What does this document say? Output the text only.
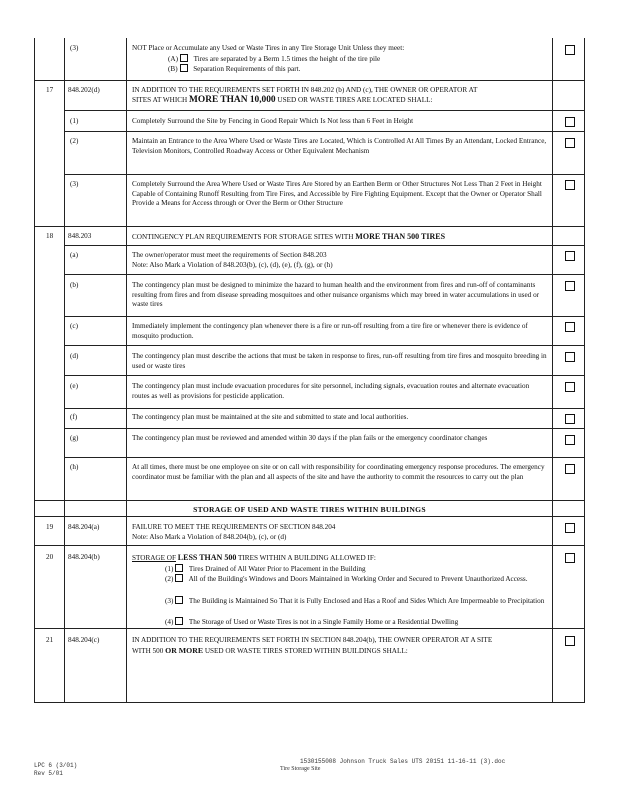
(3)	NOT Place or Accumulate any Used or Waste Tires in any Tire Storage Unit Unless they meet:
(A) Tires are separated by a Berm 1.5 times the height of the tire pile
(B) Separation Requirements of this part.
17 848.202(d)	IN ADDITION TO THE REQUIREMENTS SET FORTH IN 848.202 (b) AND (c), THE OWNER OR OPERATOR AT
SITES AT WHICH MORE THAN 10,000 USED OR WASTE TIRES ARE LOCATED SHALL:
(1)	Completely Surround the Site by Fencing in Good Repair Which Is Not less than 6 Feet in Height
(2)	Maintain an Entrance to the Area Where Used or Waste Tires are Located, Which is Controlled At All Times By an Attendant, Locked Entrance, Television Monitors, Controlled Roadway Access or Other Equivalent Mechanism
(3)	Completely Surround the Area Where Used or Waste Tires Are Stored by an Earthen Berm or Other Structures Not Less Than 2 Feet in Height Capable of Containing Runoff Resulting from Tire Fires, and Accessible by Fire Fighting Equipment. Except that the Owner or Operator Shall Provide a Means for Access through or Over the Berm or Other Structure
18 848.203	CONTINGENCY PLAN REQUIREMENTS FOR STORAGE SITES WITH MORE THAN 500 TIRES
(a)	The owner/operator must meet the requirements of Section 848.203
Note: Also Mark a Violation of 848.203(b), (c), (d), (e), (f), (g), or (h)
(b)	The contingency plan must be designed to minimize the hazard to human health and the environment from fires and run-off of contaminants resulting from fires and from disease spreading mosquitoes and other nuisance organisms which may breed in water accumulations in used or waste tires
(c)	Immediately implement the contingency plan whenever there is a fire or run-off resulting from a tire fire or whenever there is evidence of mosquito production.
(d)	The contingency plan must describe the actions that must be taken in response to fires, run-off resulting from tire fires and mosquito breeding in used or waste tires
(e)	The contingency plan must include evacuation procedures for site personnel, including signals, evacuation routes and alternate evacuation routes as well as provisions for pesticide application.
(f)	The contingency plan must be maintained at the site and submitted to state and local authorities.
(g)	The contingency plan must be reviewed and amended within 30 days if the plan fails or the emergency coordinator changes
(h)	At all times, there must be one employee on site or on call with responsibility for coordinating emergency response procedures. The emergency coordinator must be familiar with the plan and all aspects of the site and have the authority to commit the resources to carry out the plan
STORAGE OF USED AND WASTE TIRES WITHIN BUILDINGS
19 848.204(a)	FAILURE TO MEET THE REQUIREMENTS OF SECTION 848.204
Note: Also Mark a Violation of 848.204(b), (c), or (d)
20 848.204(b)	STORAGE OF LESS THAN 500 TIRES WITHIN A BUILDING ALLOWED IF:
(1) Tires Drained of All Water Prior to Placement in the Building
(2) All of the Building's Windows and Doors Maintained in Working Order and Secured to Prevent Unauthorized Access.
(3) The Building is Maintained So That it is Fully Enclosed and Has a Roof and Sides Which Are Impermeable to Precipitation
(4) The Storage of Used or Waste Tires is not in a Single Family Home or a Residential Dwelling
21 848.204(c)	IN ADDITION TO THE REQUIREMENTS SET FORTH IN SECTION 848.204(b), THE OWNER OPERATOR AT A SITE
WITH 500 OR MORE USED OR WASTE TIRES STORED WITHIN BUILDINGS SHALL:
LPC 6 (3/01)
Rev 5/01
1530155008 Johnson Truck Sales UTS 20151 11-16-11 (3).doc
Tire Storage Site
